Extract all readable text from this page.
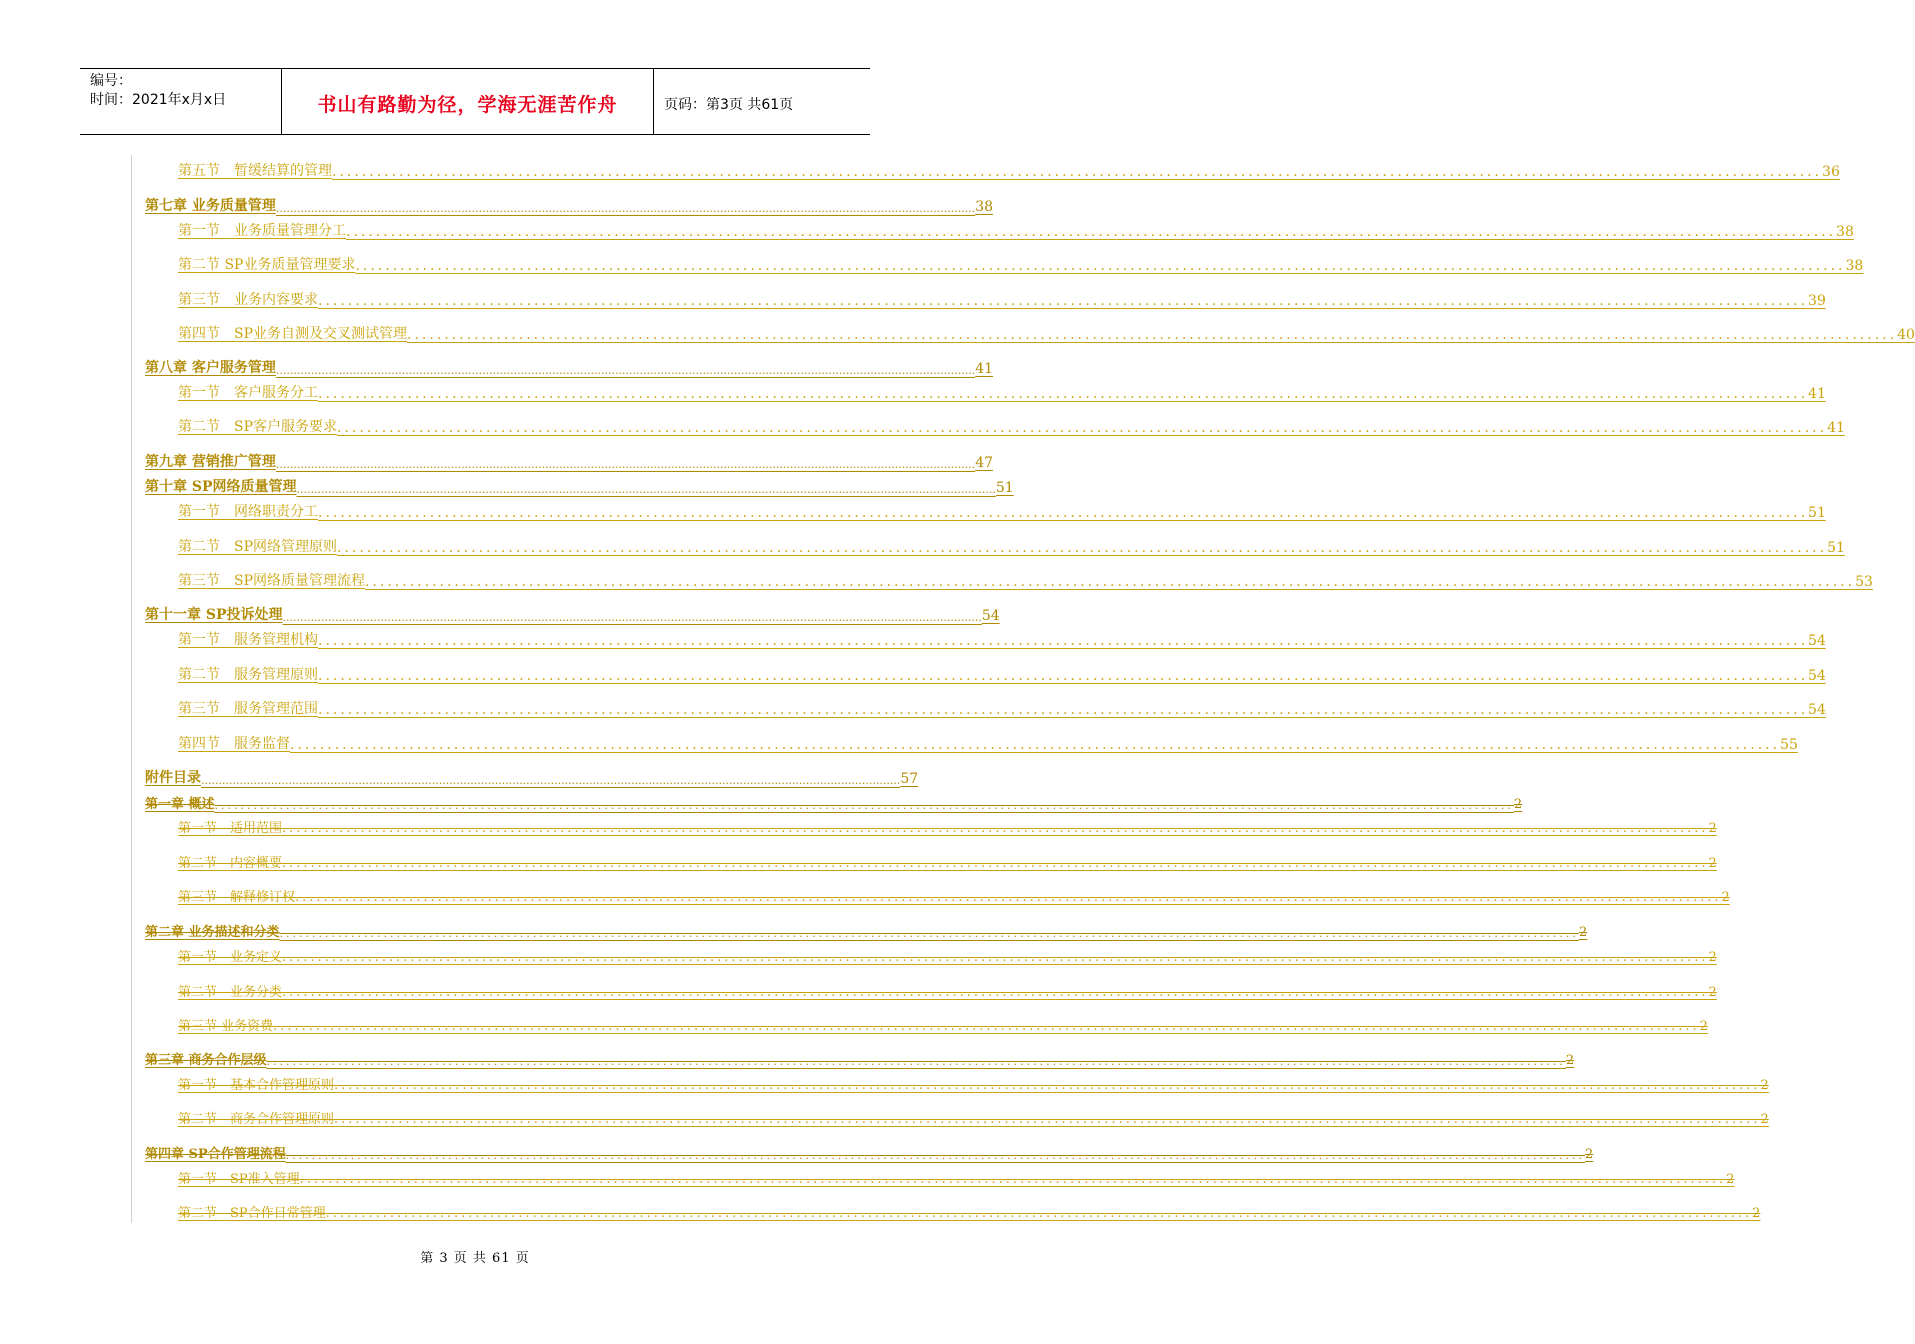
编号：
时间：2021年x月x日	书山有路勤为径，学海无涯苦作舟	页码：第3页 共61页
第五节　暂缓结算的管理 ........................................................................................................................................................................................................ 36
第七章 业务质量管理 ........................................................................................................................................................................................................ 38
第一节　业务质量管理分工 ........................................................................................................................................................................................................ 38
第二节 SP业务质量管理要求 ........................................................................................................................................................................................................ 38
第三节　业务内容要求 ........................................................................................................................................................................................................ 39
第四节　SP业务自测及交叉测试管理 ........................................................................................................................................................................................................ 40
第八章 客户服务管理 ........................................................................................................................................................................................................ 41
第一节　客户服务分工 ........................................................................................................................................................................................................ 41
第二节　SP客户服务要求 ........................................................................................................................................................................................................ 41
第九章 营销推广管理 ........................................................................................................................................................................................................ 47
第十章 SP网络质量管理 ........................................................................................................................................................................................................ 51
第一节　网络职责分工 ........................................................................................................................................................................................................ 51
第二节　SP网络管理原则 ........................................................................................................................................................................................................ 51
第三节　SP网络质量管理流程 ........................................................................................................................................................................................................ 53
第十一章 SP投诉处理 ........................................................................................................................................................................................................ 54
第一节　服务管理机构 ........................................................................................................................................................................................................ 54
第二节　服务管理原则 ........................................................................................................................................................................................................ 54
第三节　服务管理范围 ........................................................................................................................................................................................................ 54
第四节　服务监督 ........................................................................................................................................................................................................ 55
附件目录 ........................................................................................................................................................................................................ 57
第一章 概述 ........................................................................................................................................................................................................ 2
第一节　适用范围 ........................................................................................................................................................................................................ 2
第二节　内容概要 ........................................................................................................................................................................................................ 2
第三节　解释修订权 ........................................................................................................................................................................................................ 2
第二章 业务描述和分类 ........................................................................................................................................................................................................ 2
第一节　业务定义 ........................................................................................................................................................................................................ 2
第二节　业务分类 ........................................................................................................................................................................................................ 2
第三节 业务资费 ........................................................................................................................................................................................................ 2
第三章 商务合作层级 ........................................................................................................................................................................................................ 2
第一节　基本合作管理原则 ........................................................................................................................................................................................................ 2
第二节　商务合作管理原则 ........................................................................................................................................................................................................ 2
第四章 SP合作管理流程 ........................................................................................................................................................................................................ 2
第一节　SP准入管理 ........................................................................................................................................................................................................ 2
第二节　SP合作日常管理 ........................................................................................................................................................................................................ 2
第 3 页 共 61 页
